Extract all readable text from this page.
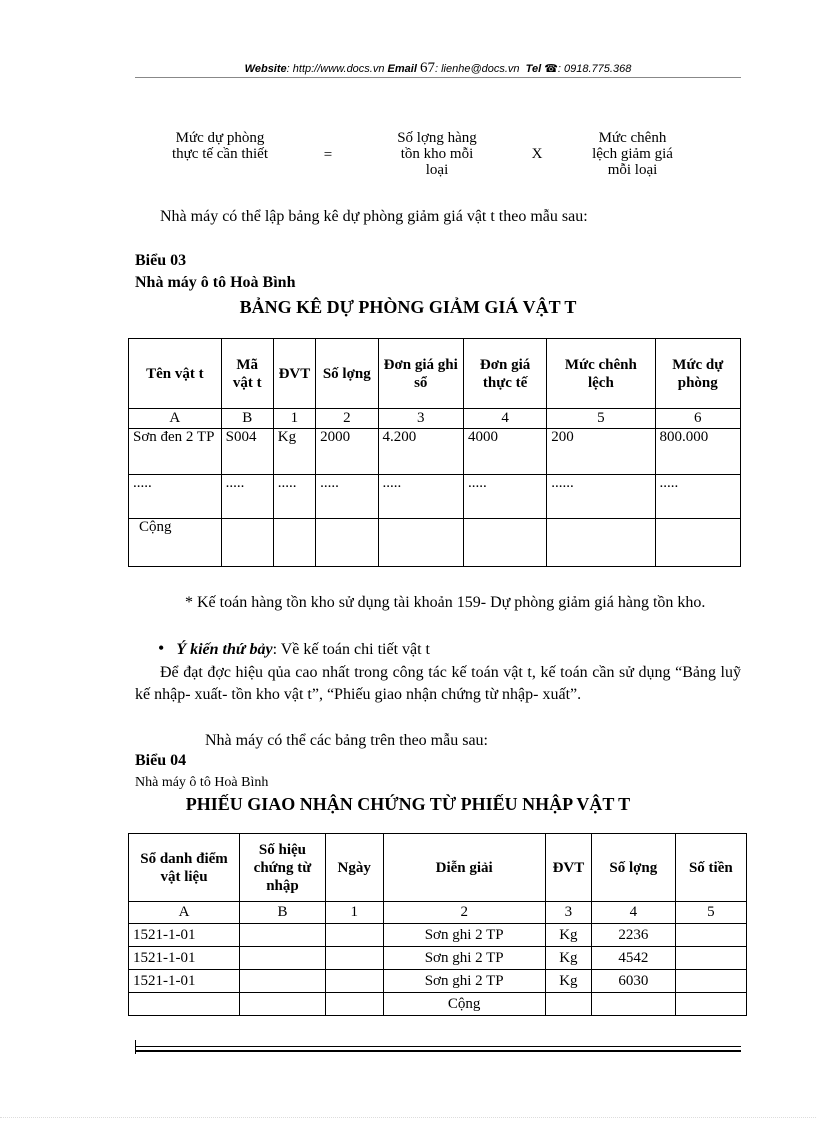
Website: http://www.docs.vn Email 67: lienhe@docs.vn Tel ☎: 0918.775.368
Mức dự phòng
thực tế cần thiết	=
Số lợng hàng
tồn kho mỗi
loại
X
Mức chênh
lệch giảm giá
mỗi loại

Nhà máy có thể lập bảng kê dự phòng giảm giá vật t theo mẫu sau:

Biểu 03

Nhà máy ô tô Hoà Bình

BẢNG KÊ DỰ PHÒNG GIẢM GIÁ VẬT T
Tên vật t	Mã vật t	ĐVT	Số lợng	Đơn giá ghi sổ	Đơn giá thực tế	Mức chênh lệch	Mức dự phòng
A	B	1	2	3	4	5	6
Sơn đen 2 TP	S004	Kg	2000	4.200	4000	200	800.000
.....	.....	.....	.....	.....	.....	......	.....
Cộng							

* Kế toán hàng tồn kho sử dụng tài khoản 159- Dự phòng giảm giá hàng tồn kho.

• Ý kiến thứ bảy: Về kế toán chi tiết vật t

Để đạt đợc hiệu qủa cao nhất trong công tác kế toán vật t, kế toán cần sử dụng “Bảng luỹ kế nhập- xuất- tồn kho vật t”, “Phiếu giao nhận chứng từ nhập- xuất”.

Nhà máy có thể các bảng trên theo mẫu sau:

Biểu 04

Nhà máy ô tô Hoà Bình

PHIẾU GIAO NHẬN CHỨNG TỪ PHIẾU NHẬP VẬT T
Sổ danh điểm vật liệu	Số hiệu chứng từ nhập	Ngày	Diễn giải	ĐVT	Số lợng	Số tiền
A	B	1	2	3	4	5
1521-1-01			Sơn ghi 2 TP	Kg	2236	
1521-1-01			Sơn ghi 2 TP	Kg	4542	
1521-1-01			Sơn ghi 2 TP	Kg	6030	
			Cộng			
